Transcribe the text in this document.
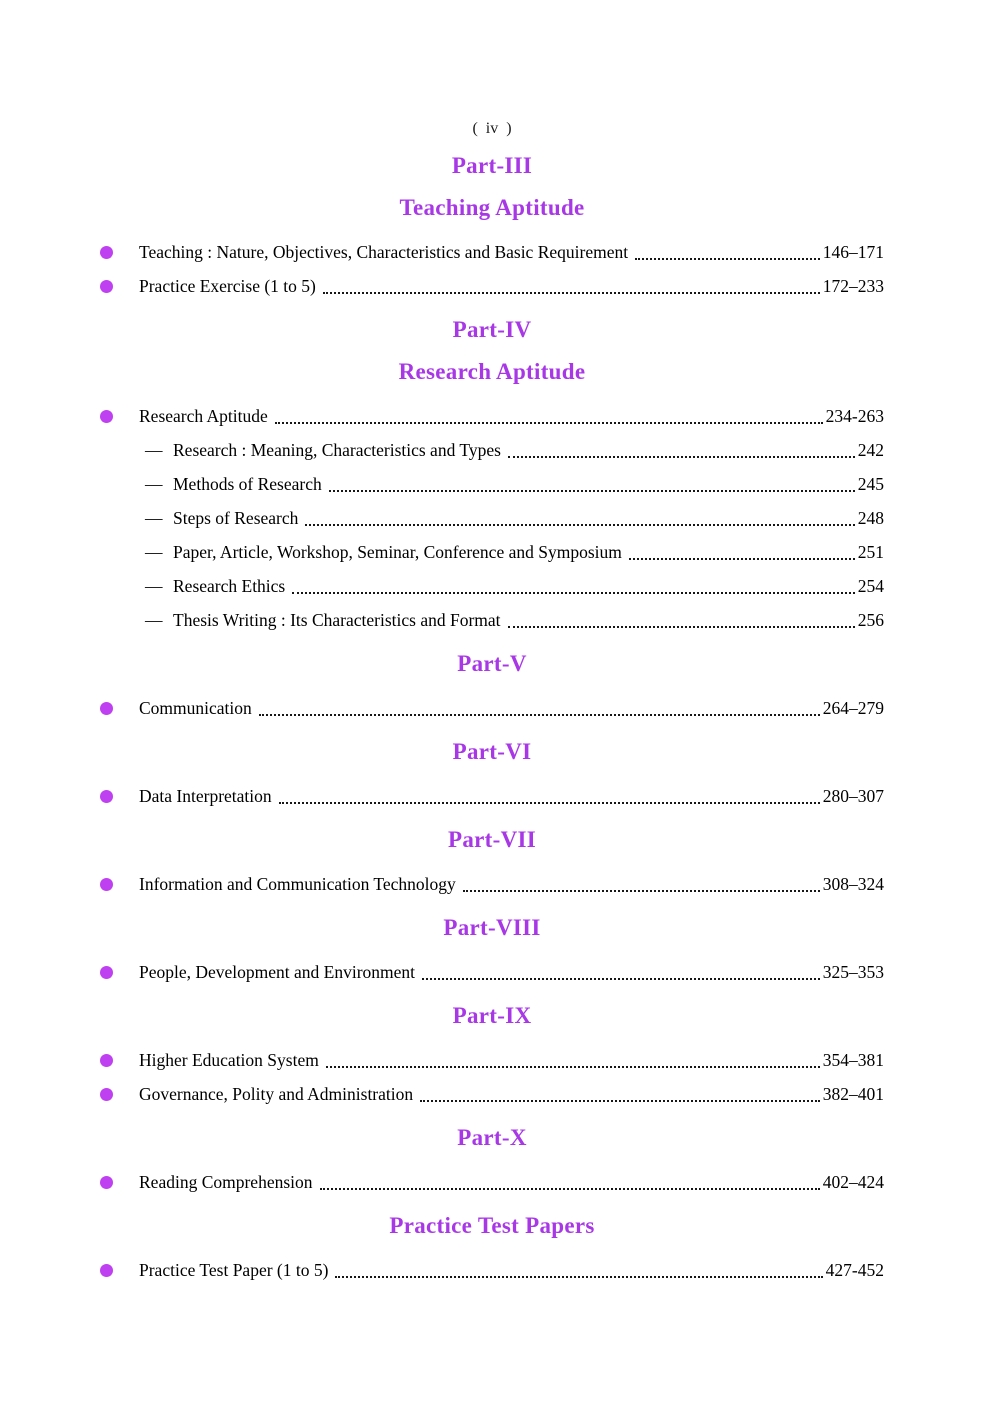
(  iv  )
Part-III
Teaching Aptitude
Teaching : Nature, Objectives, Characteristics and Basic Requirement	146–171
Practice Exercise (1 to 5)	172–233
Part-IV
Research Aptitude
Research Aptitude	234-263
— Research : Meaning, Characteristics and Types	242
— Methods of Research	245
— Steps of Research	248
— Paper, Article, Workshop, Seminar, Conference and Symposium	251
— Research Ethics	254
— Thesis Writing : Its Characteristics and Format	256
Part-V
Communication	264–279
Part-VI
Data Interpretation	280–307
Part-VII
Information and Communication Technology	308–324
Part-VIII
People, Development and Environment	325–353
Part-IX
Higher Education System	354–381
Governance, Polity and Administration	382–401
Part-X
Reading Comprehension	402–424
Practice Test Papers
Practice Test Paper (1 to 5)	427-452
